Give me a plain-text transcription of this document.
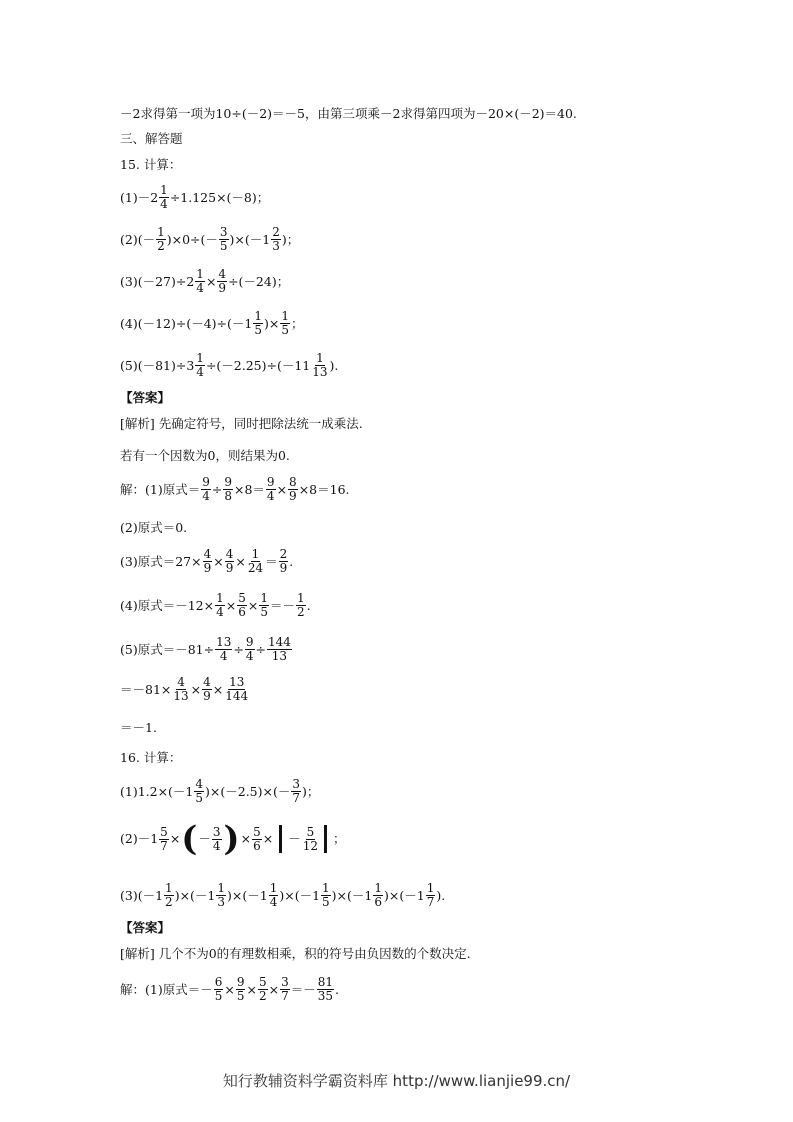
－2求得第一项为10÷(－2)＝－5，由第三项乘－2求得第四项为－20×(－2)＝40.
三、解答题
15. 计算：
$(1)-2 \frac{1}{4} \div 1.125\times(-8)$；
$(2)(- \frac{1}{2} )\times 0\div(- \frac{3}{5} )\times(-1 \frac{2}{3}$ )；
$(3)(-27)\div 2 \frac{1}{4} \times \frac{4}{9} \div(-24)$；
$(4)(-12)\div(-4)\div(-1 \frac{1}{5}$ )× $\frac{1}{5}$ ；
$(5)(-81)\div 3 \frac{1}{4} \div(-2.25)\div(-11 \frac{1}{13}$ ).
【答案】
[解析] 先确定符号，同时把除法统一成乘法.
若有一个因数为0，则结果为0.
解：(1)原式＝ $\frac{9}{4} \div \frac{9}{8} \times 8= \frac{9}{4} \times \frac{8}{9} \times 8=16$.
(2)原式＝0.
(3)原式$=27\times \frac{4}{9} \times \frac{4}{9} \times \frac{1}{24} = \frac{2}{9}$ .
(4)原式$=-12\times \frac{1}{4} \times \frac{5}{6} \times \frac{1}{5} =- \frac{1}{2}$ .
(5)原式$=-81\div \frac{13}{4} \div \frac{9}{4} \div \frac{144}{13}$
$=-81\times \frac{4}{13} \times \frac{4}{9} \times \frac{13}{144}$
＝－1.
16. 计算：
$(1)1.2\times(-1 \frac{4}{5} )\times(-2.5)\times(- \frac{3}{7}$ )；
$(2)-1 \frac{5}{7}$ × ( － $\frac{3}{4}$ ) × $\frac{5}{6}$ × － $\frac{5}{12}$ ；
$(3)(-1 \frac{1}{2} )\times(-1 \frac{1}{3} )\times(-1 \frac{1}{4} )\times(-1 \frac{1}{5} )\times(-1 \frac{1}{6} )\times(-1 \frac{1}{7}$ ).
【答案】
[解析] 几个不为0的有理数相乘，积的符号由负因数的个数决定.
解：(1)原式＝－ $\frac{6}{5} \times \frac{9}{5} \times \frac{5}{2} \times \frac{3}{7} =- \frac{81}{35}$ .
知行教辅资料学霸资料库 http://www.lianjie99.cn/
